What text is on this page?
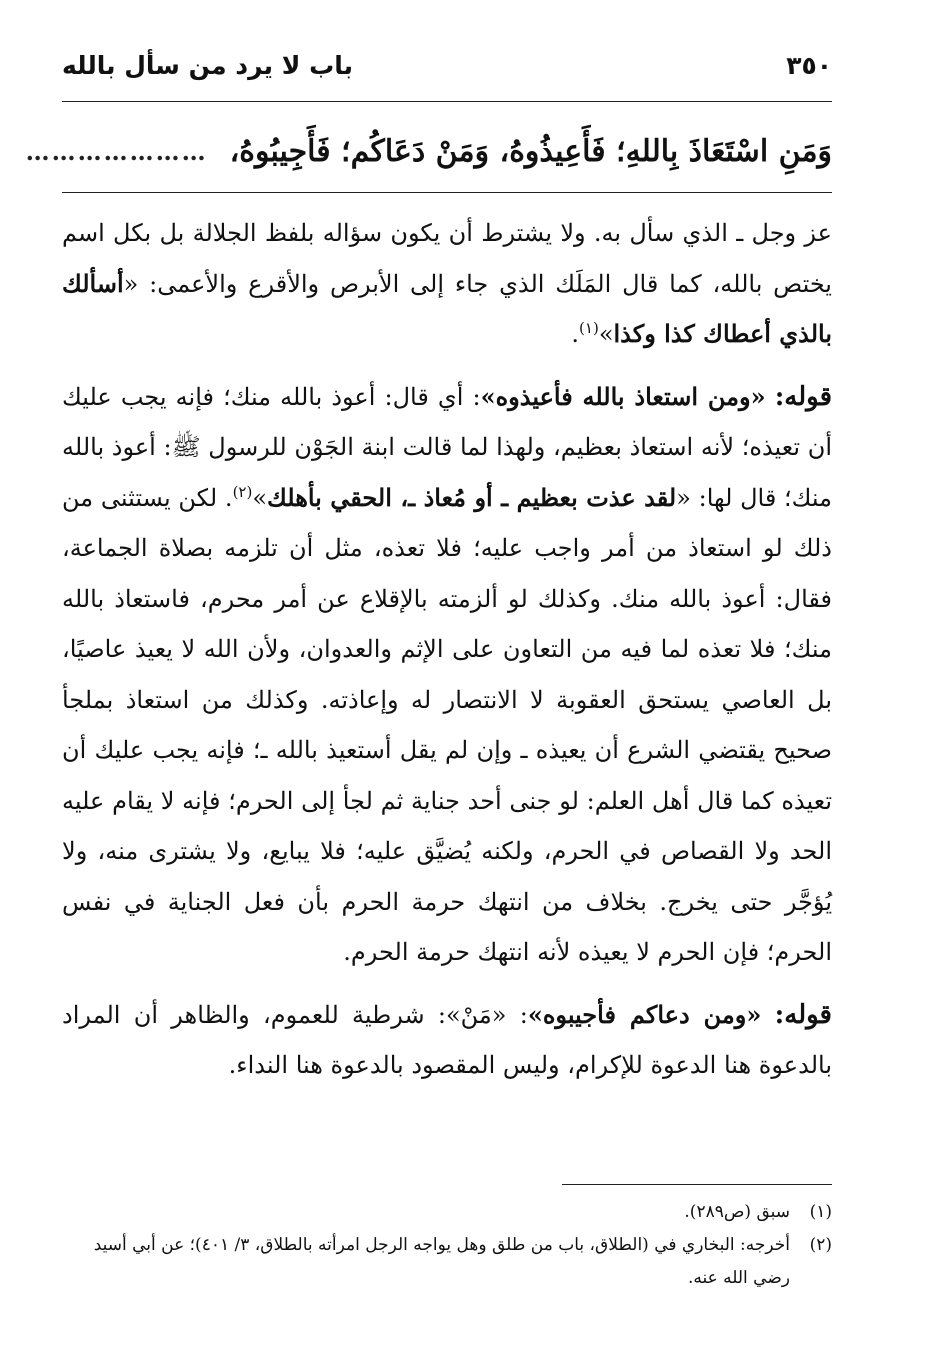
٣٥٠
باب لا يرد من سأل بالله
وَمَنِ اسْتَعَاذَ بِاللهِ؛ فَأَعِيذُوهُ، وَمَنْ دَعَاكُم؛ فَأَجِيبُوهُ،
…………………

عز وجل ـ الذي سأل به. ولا يشترط أن يكون سؤاله بلفظ الجلالة بل بكل اسم يختص بالله، كما قال المَلَك الذي جاء إلى الأبرص والأقرع والأعمى: «أسألك بالذي أعطاك كذا وكذا»$^{(١)}$.

قوله: «ومن استعاذ بالله فأعيذوه»: أي قال: أعوذ بالله منك؛ فإنه يجب عليك أن تعيذه؛ لأنه استعاذ بعظيم، ولهذا لما قالت ابنة الجَوْن للرسول ﷺ: أعوذ بالله منك؛ قال لها: «لقد عذت بعظيم ـ أو مُعاذ ـ، الحقي بأهلك»$^{(٢)}$. لكن يستثنى من ذلك لو استعاذ من أمر واجب عليه؛ فلا تعذه، مثل أن تلزمه بصلاة الجماعة، فقال: أعوذ بالله منك. وكذلك لو ألزمته بالإقلاع عن أمر محرم، فاستعاذ بالله منك؛ فلا تعذه لما فيه من التعاون على الإثم والعدوان، ولأن الله لا يعيذ عاصيًا، بل العاصي يستحق العقوبة لا الانتصار له وإعاذته. وكذلك من استعاذ بملجأ صحيح يقتضي الشرع أن يعيذه ـ وإن لم يقل أستعيذ بالله ـ؛ فإنه يجب عليك أن تعيذه كما قال أهل العلم: لو جنى أحد جناية ثم لجأ إلى الحرم؛ فإنه لا يقام عليه الحد ولا القصاص في الحرم، ولكنه يُضيَّق عليه؛ فلا يبايع، ولا يشترى منه، ولا يُؤجَّر حتى يخرج. بخلاف من انتهك حرمة الحرم بأن فعل الجناية في نفس الحرم؛ فإن الحرم لا يعيذه لأنه انتهك حرمة الحرم.

قوله: «ومن دعاكم فأجيبوه»: «مَنْ»: شرطية للعموم، والظاهر أن المراد بالدعوة هنا الدعوة للإكرام، وليس المقصود بالدعوة هنا النداء.

(١)
سبق (ص٢٨٩).
(٢)
أخرجه: البخاري في (الطلاق، باب من طلق وهل يواجه الرجل امرأته بالطلاق، ٣/ ٤٠١)؛ عن أبي أسيد رضي الله عنه.
